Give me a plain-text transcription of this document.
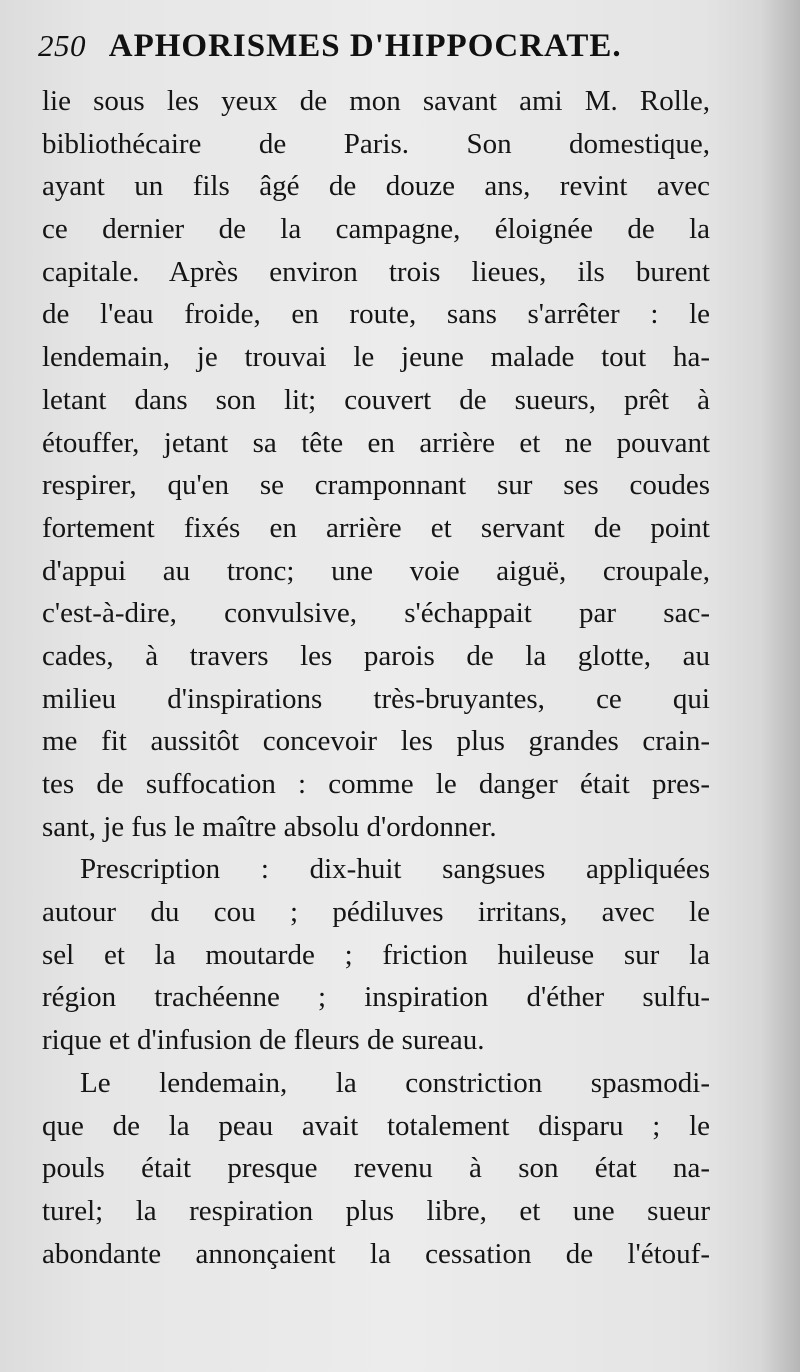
250 APHORISMES D'HIPPOCRATE.
lie sous les yeux de mon savant ami M. Rolle,
bibliothécaire de Paris. Son domestique,
ayant un fils âgé de douze ans, revint avec
ce dernier de la campagne, éloignée de la
capitale. Après environ trois lieues, ils burent
de l'eau froide, en route, sans s'arrêter : le
lendemain, je trouvai le jeune malade tout ha-
letant dans son lit; couvert de sueurs, prêt à
étouffer, jetant sa tête en arrière et ne pouvant
respirer, qu'en se cramponnant sur ses coudes
fortement fixés en arrière et servant de point
d'appui au tronc; une voie aiguë, croupale,
c'est-à-dire, convulsive, s'échappait par sac-
cades, à travers les parois de la glotte, au
milieu d'inspirations très-bruyantes, ce qui
me fit aussitôt concevoir les plus grandes crain-
tes de suffocation : comme le danger était pres-
sant, je fus le maître absolu d'ordonner.
Prescription : dix-huit sangsues appliquées
autour du cou ; pédiluves irritans, avec le
sel et la moutarde ; friction huileuse sur la
région trachéenne ; inspiration d'éther sulfu-
rique et d'infusion de fleurs de sureau.
Le lendemain, la constriction spasmodi-
que de la peau avait totalement disparu ; le
pouls était presque revenu à son état na-
turel; la respiration plus libre, et une sueur
abondante annonçaient la cessation de l'étouf-
